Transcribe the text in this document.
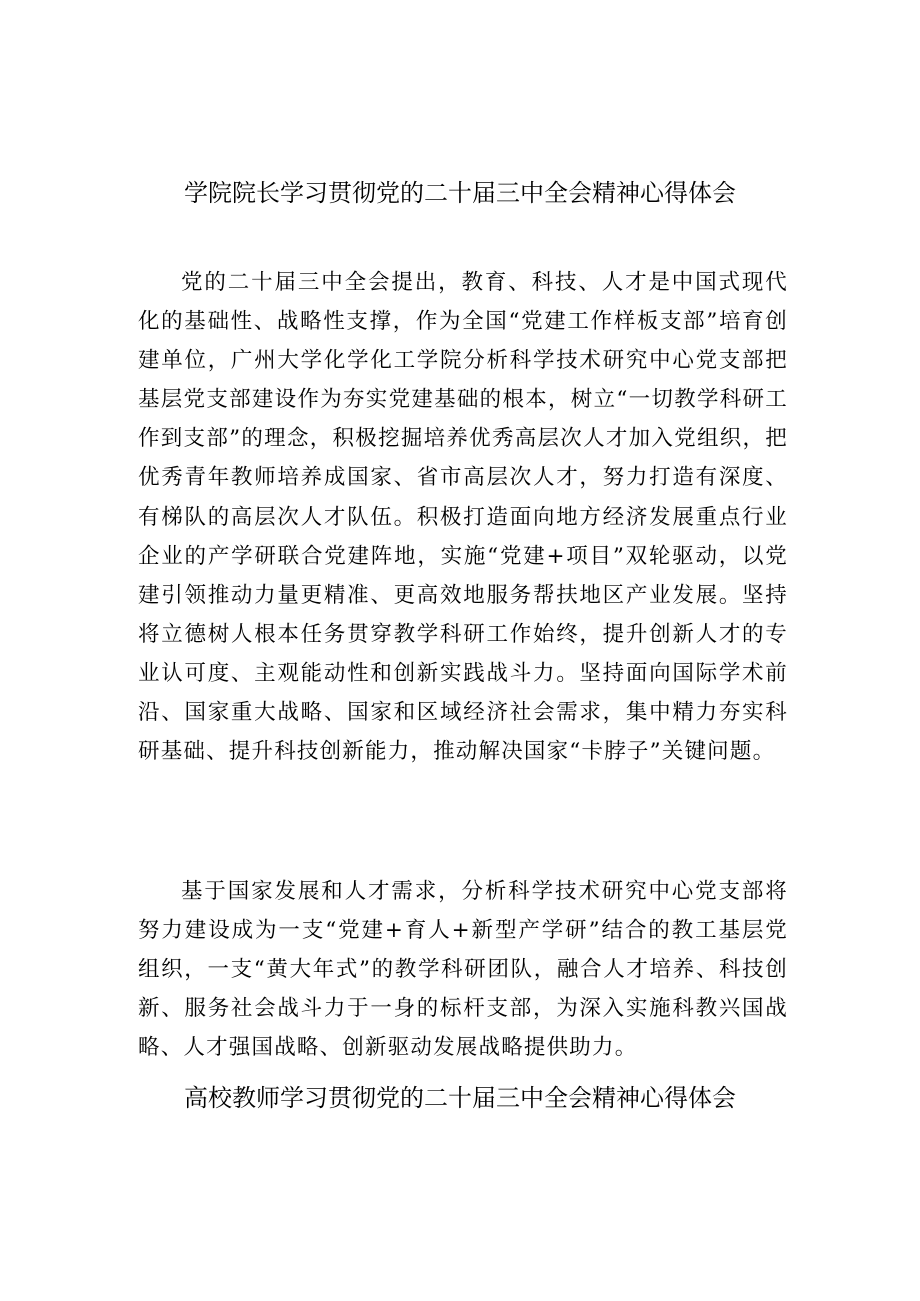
学院院长学习贯彻党的二十届三中全会精神心得体会

党的二十届三中全会提出，教育、科技、人才是中国式现代化的基础性、战略性支撑，作为全国“党建工作样板支部”培育创建单位，广州大学化学化工学院分析科学技术研究中心党支部把基层党支部建设作为夯实党建基础的根本，树立“一切教学科研工作到支部”的理念，积极挖掘培养优秀高层次人才加入党组织，把优秀青年教师培养成国家、省市高层次人才，努力打造有深度、有梯队的高层次人才队伍。积极打造面向地方经济发展重点行业企业的产学研联合党建阵地，实施“党建+项目”双轮驱动，以党建引领推动力量更精准、更高效地服务帮扶地区产业发展。坚持将立德树人根本任务贯穿教学科研工作始终，提升创新人才的专业认可度、主观能动性和创新实践战斗力。坚持面向国际学术前沿、国家重大战略、国家和区域经济社会需求，集中精力夯实科研基础、提升科技创新能力，推动解决国家“卡脖子”关键问题。

基于国家发展和人才需求，分析科学技术研究中心党支部将努力建设成为一支“党建+育人+新型产学研”结合的教工基层党组织，一支“黄大年式”的教学科研团队，融合人才培养、科技创新、服务社会战斗力于一身的标杆支部，为深入实施科教兴国战略、人才强国战略、创新驱动发展战略提供助力。

高校教师学习贯彻党的二十届三中全会精神心得体会
